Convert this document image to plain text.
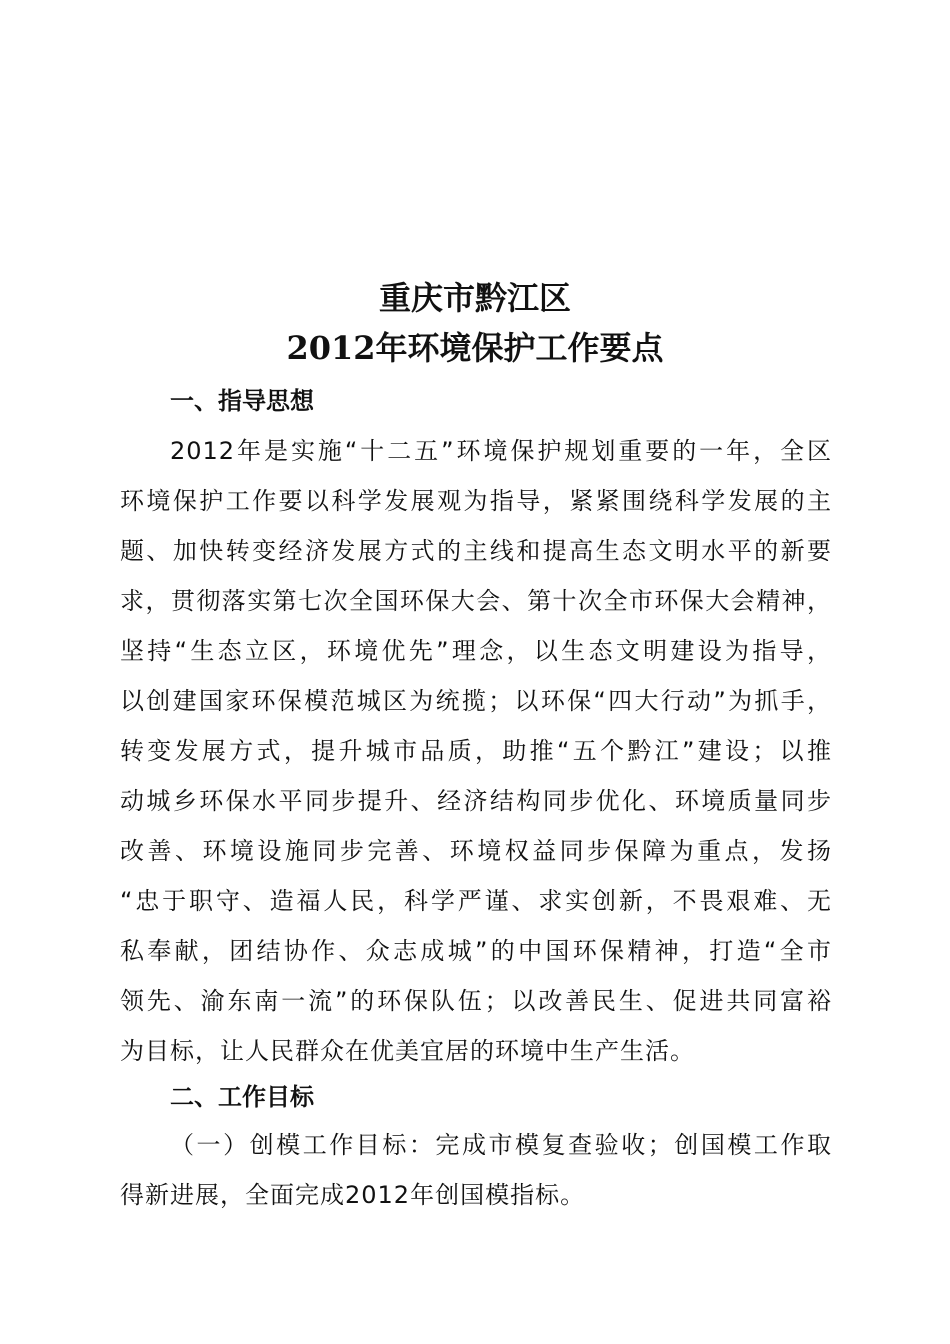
重庆市黔江区
2012年环境保护工作要点
一、指导思想
2012年是实施“十二五”环境保护规划重要的一年，全区
环境保护工作要以科学发展观为指导，紧紧围绕科学发展的主
题、加快转变经济发展方式的主线和提高生态文明水平的新要
求，贯彻落实第七次全国环保大会、第十次全市环保大会精神，
坚持“生态立区，环境优先”理念，以生态文明建设为指导，
以创建国家环保模范城区为统揽；以环保“四大行动”为抓手，
转变发展方式，提升城市品质，助推“五个黔江”建设；以推
动城乡环保水平同步提升、经济结构同步优化、环境质量同步
改善、环境设施同步完善、环境权益同步保障为重点，发扬
“忠于职守、造福人民，科学严谨、求实创新，不畏艰难、无
私奉献，团结协作、众志成城”的中国环保精神，打造“全市
领先、渝东南一流”的环保队伍；以改善民生、促进共同富裕
为目标，让人民群众在优美宜居的环境中生产生活。
二、工作目标
（一）创模工作目标：完成市模复查验收；创国模工作取
得新进展，全面完成2012年创国模指标。
